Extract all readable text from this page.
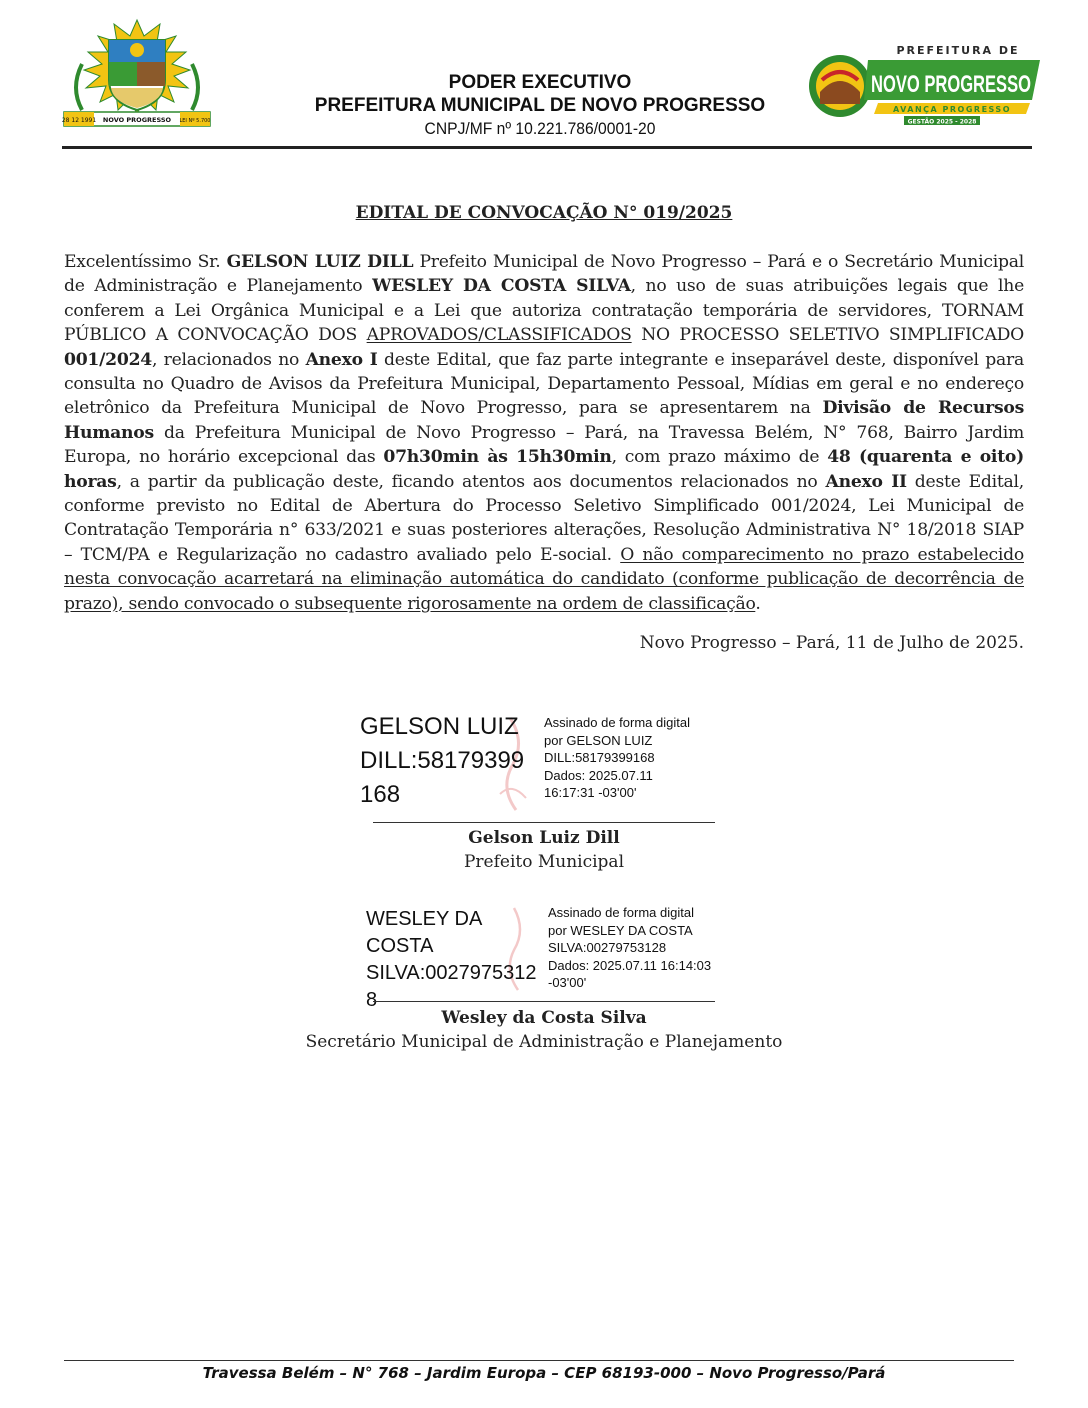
28 12 1991 NOVO PROGRESSO LEI Nº 5.700
PODER EXECUTIVO
PREFEITURA MUNICIPAL DE NOVO PROGRESSO
CNPJ/MF nº 10.221.786/0001-20
PREFEITURA DE
NOVO PROGRESSO
AVANÇA PROGRESSO
GESTÃO 2025 - 2028
EDITAL DE CONVOCAÇÃO N° 019/2025
Excelentíssimo Sr. GELSON LUIZ DILL Prefeito Municipal de Novo Progresso – Pará e o Secretário Municipal de Administração e Planejamento WESLEY DA COSTA SILVA, no uso de suas atribuições legais que lhe conferem a Lei Orgânica Municipal e a Lei que autoriza contratação temporária de servidores, TORNAM PÚBLICO A CONVOCAÇÃO DOS APROVADOS/CLASSIFICADOS NO PROCESSO SELETIVO SIMPLIFICADO 001/2024, relacionados no Anexo I deste Edital, que faz parte integrante e inseparável deste, disponível para consulta no Quadro de Avisos da Prefeitura Municipal, Departamento Pessoal, Mídias em geral e no endereço eletrônico da Prefeitura Municipal de Novo Progresso, para se apresentarem na Divisão de Recursos Humanos da Prefeitura Municipal de Novo Progresso – Pará, na Travessa Belém, N° 768, Bairro Jardim Europa, no horário excepcional das 07h30min às 15h30min, com prazo máximo de 48 (quarenta e oito) horas, a partir da publicação deste, ficando atentos aos documentos relacionados no Anexo II deste Edital, conforme previsto no Edital de Abertura do Processo Seletivo Simplificado 001/2024, Lei Municipal de Contratação Temporária n° 633/2021 e suas posteriores alterações, Resolução Administrativa N° 18/2018 SIAP – TCM/PA e Regularização no cadastro avaliado pelo E-social. O não comparecimento no prazo estabelecido nesta convocação acarretará na eliminação automática do candidato (conforme publicação de decorrência de prazo), sendo convocado o subsequente rigorosamente na ordem de classificação.
Novo Progresso – Pará, 11 de Julho de 2025.
GELSON LUIZ
DILL:58179399
168
Assinado de forma digital
por GELSON LUIZ
DILL:58179399168
Dados: 2025.07.11
16:17:31 -03'00'
Gelson Luiz Dill
Prefeito Municipal
WESLEY DA COSTA
SILVA:0027975312
8
Assinado de forma digital
por WESLEY DA COSTA
SILVA:00279753128
Dados: 2025.07.11 16:14:03
-03'00'
Wesley da Costa Silva
Secretário Municipal de Administração e Planejamento
Travessa Belém – N° 768 – Jardim Europa – CEP 68193-000 – Novo Progresso/Pará
